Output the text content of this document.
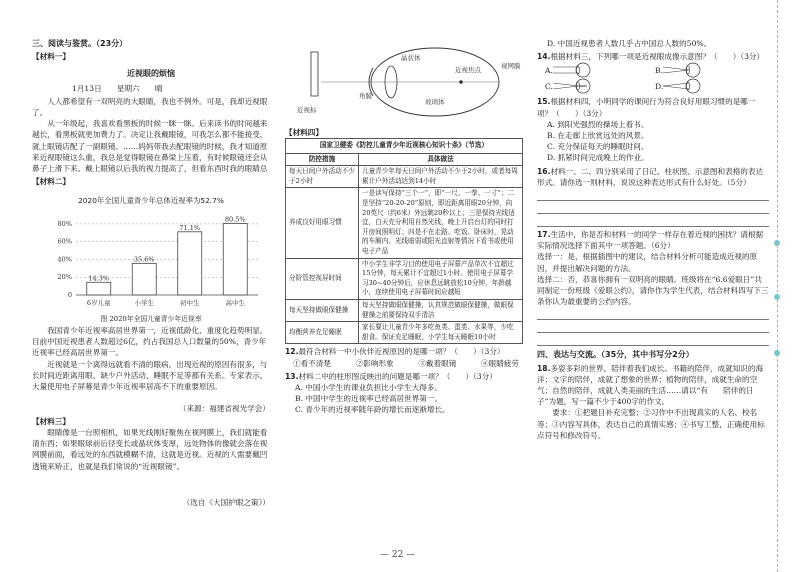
三、阅读与鉴赏。（23分）
【材料一】
近视眼的烦恼
1月13日　　星期六　　晴

人人都希望有一双明亮的大眼睛，我也不例外。可是，我却近视眼了。

从一年级起，我喜欢看黑板的时候一眯一眯。后来读书的时间越来越长，看黑板就更加费力了。决定让我戴眼镜，可我怎么都不能接受，就上眼镜店配了一副眼镜。……妈妈带我去配眼镜的时候，我才知道原来近视眼镜这么重，我总是觉得眼镜在鼻梁上压着，有时候眼镜还会从鼻子上滑下来。戴上眼镜以后我的视力提高了，但看东西时我的眼睛总

【材料二】
2020年全国儿童青少年总体近视率为52.7%
80%
60%
40%
20%
0
14.3%
35.6%
71.1%
80.5%
6岁儿童	小学生	初中生	高中生
图 2020年全国儿童青少年近视率

我国青少年近视率高居世界第一，近视低龄化、重度化趋势明显。目前中国近视患者人数超过6亿，约占我国总人口数量的50%，青少年近视率已经高居世界第一。

近视就是一个离得远就看不清的眼病。出现近视的原因有很多，与长时间近距离用眼、缺少户外活动、睡眠不足等都有关系。专家表示，大量使用电子屏幕是青少年近视率居高不下的重要原因。

（来源：福建省视光学会）
【材料三】

眼睛像是一台照相机，如果光线刚好聚焦在视网膜上，我们就能看清东西；如果眼球前后径变长或晶状体变厚，远处物体的像就会落在视网膜前面，看远处的东西就模糊不清，这就是近视。近视的人需要戴凹透镜来矫正，也就是我们常说的“近视眼镜”。

（选自《大国护眼之策》）
近视标
角膜
晶状体
玻璃体
视网膜
近视焦点
【材料四】
国家卫健委《防控儿童青少年近视核心知识十条》（节选）
防控措施	具体做法
每天日间户外活动不少于2小时	儿童青少年每天日间户外活动不少于2小时，或者每周累计户外活动达到14小时
养成良好用眼习惯	一是读写保持“三个一”，即“一尺、一拳、一寸”；二是坚持“20-20-20”原则，即近距离用眼20分钟，向20英尺（约6米）外远眺20秒以上；三是保持光线适宜，白天充分利用自然光线，晚上开启台灯的同时打开房间照明灯；四是不在走路、吃饭、卧床时，晃动的车厢内、光线暗弱或阳光直射等情况下看书或使用电子产品
分阶管控视屏时间	中小学生非学习目的使用电子屏幕产品单次不宜超过15分钟，每天累计不宜超过1小时。使用电子屏幕学习30~40分钟后，应休息远眺放松10分钟，年龄越小，连续使用电子屏幕时间应越短
每天坚持做眼保健操	每天坚持做眼保健操，认真规范做眼保健操，做眼保健操之前要保持双手清洁
均衡营养充足睡眠	家长要让儿童青少年多吃鱼类、蛋类、水果等，少吃甜食。保证充足睡眠，小学生每天睡眠10小时
12.最符合材料一中小伙伴近视原因的是哪一项？（　　）（3分）
①看不清楚	②影响形象	③戴着眼镜	④眼睛疲劳
13.材料二中的柱形图反映出的问题是哪一项？（　　）（3分）
A. 中国小学生的课业负担比小学生大得多。
B. 中国中学生的近视率已经高居世界第一。
C. 青少年的近视率随年龄的增长而逐渐增长。
D. 中国近视患者人数几乎占中国总人数的50%。
14.根据材料三，下列哪一项是近视眼成像示意图？（　　）（3分）
A.	B.
C.	D.
15.根据材料四，小明同学的课间行为符合良好用眼习惯的是哪一项？（　　）（3分）
A. 到阳光强烈的操场上看书。
B. 在走廊上欣赏远处的风景。
C. 充分保证每天的睡眠时间。
D. 抓紧时间完成晚上的作业。
16.材料一、二、四分别采用了日记、柱状图、示意图和表格的表达形式。请你选一则材料，说说这种表达形式有什么好处。（5分）
17.生活中，你是否和材料一的同学一样存在着近视的困扰？请根据实际情况选择下面其中一项答题。（6分）
选择一：是，根据插图中的建议，结合材料分析可能造成近视的原因，并提出解决问题的方法。
选择二：否，恭喜你拥有一双明亮的眼睛。班级将在“6.6爱眼日”共同制定一份班级《爱眼公约》，请你作为学生代表，结合材料四写下三条你认为最重要的公约内容。
四、表达与交流。（35分，其中书写分2分）
18.多姿多彩的世界，陪伴着我们成长。书籍的陪伴，成就知识的海洋；文字的陪伴，成就了想象的世界；植物的陪伴，成就生命的空气；自然的陪伴，成就人类美丽的生活……请以“有　　陪伴的日子”为题，写一篇不少于400字的作文。
要求：①把题目补充完整；②习作中不出现真实的人名、校名等；③内容写具体，表达自己的真情实感；④书写工整，正确使用标点符号和修改符号。
— 22 —
